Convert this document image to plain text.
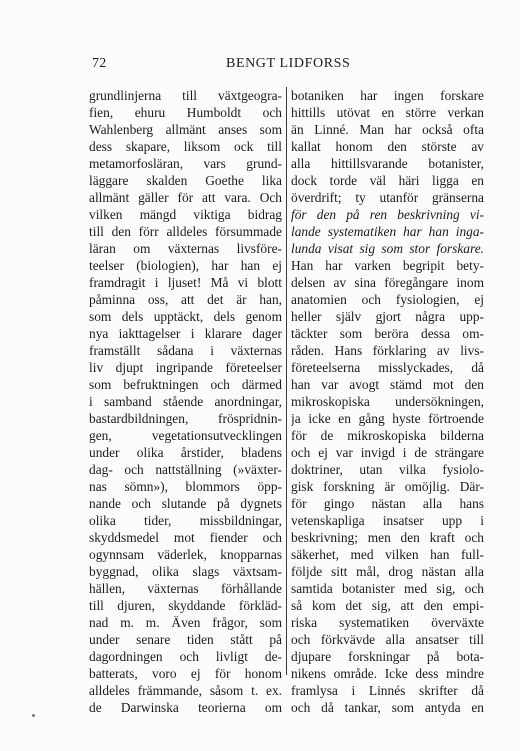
72	BENGT LIDFORSS
grundlinjerna till växtgeogra-
fien, ehuru Humboldt och
Wahlenberg allmänt anses som
dess skapare, liksom ock till
metamorfosläran, vars grund-
läggare skalden Goethe lika
allmänt gäller för att vara. Och
vilken mängd viktiga bidrag
till den förr alldeles försummade
läran om växternas livsföre-
teelser (biologien), har han ej
framdragit i ljuset! Må vi blott
påminna oss, att det är han,
som dels upptäckt, dels genom
nya iakttagelser i klarare dager
framställt sådana i växternas
liv djupt ingripande företeelser
som befruktningen och därmed
i samband stående anordningar,
bastardbildningen, fröspridnin-
gen, vegetationsutvecklingen
under olika årstider, bladens
dag- och nattställning (»växter-
nas sömn»), blommors öpp-
nande och slutande på dygnets
olika tider, missbildningar,
skyddsmedel mot fiender och
ogynnsam väderlek, knopparnas
byggnad, olika slags växtsam-
hällen, växternas förhållande
till djuren, skyddande förkläd-
nad m. m. Även frågor, som
under senare tiden stått på
dagordningen och livligt de-
batterats, voro ej för honom
alldeles främmande, såsom t. ex.
de Darwinska teorierna om
botaniken har ingen forskare
hittills utövat en större verkan
än Linné. Man har också ofta
kallat honom den störste av
alla hittillsvarande botanister,
dock torde väl häri ligga en
överdrift; ty utanför gränserna
för den på ren beskrivning vi-
lande systematiken har han inga-
lunda visat sig som stor forskare.
Han har varken begripit bety-
delsen av sina föregångare inom
anatomien och fysiologien, ej
heller själv gjort några upp-
täckter som beröra dessa om-
råden. Hans förklaring av livs-
företeelserna misslyckades, då
han var avogt stämd mot den
mikroskopiska undersökningen,
ja icke en gång hyste förtroende
för de mikroskopiska bilderna
och ej var invigd i de strängare
doktriner, utan vilka fysiolo-
gisk forskning är omöjlig. Där-
för gingo nästan alla hans
vetenskapliga insatser upp i
beskrivning; men den kraft och
säkerhet, med vilken han full-
följde sitt mål, drog nästan alla
samtida botanister med sig, och
så kom det sig, att den empi-
riska systematiken överväxte
och förkvävde alla ansatser till
djupare forskningar på bota-
nikens område. Icke dess mindre
framlysa i Linnés skrifter då
och då tankar, som antyda en
